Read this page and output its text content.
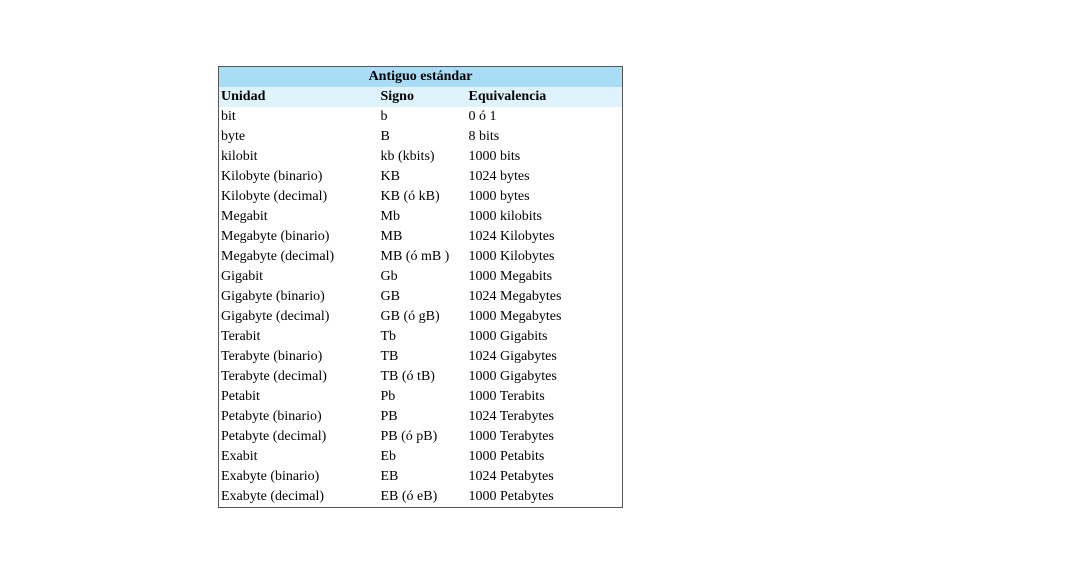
Antiguo estándar		
Unidad	Signo	Equivalencia
bit	b	0 ó 1
byte	B	8 bits
kilobit	kb (kbits)	1000 bits
Kilobyte (binario)	KB	1024 bytes
Kilobyte (decimal)	KB (ó kB)	1000 bytes
Megabit	Mb	1000 kilobits
Megabyte (binario)	MB	1024 Kilobytes
Megabyte (decimal)	MB (ó mB )	1000 Kilobytes
Gigabit	Gb	1000 Megabits
Gigabyte (binario)	GB	1024 Megabytes
Gigabyte (decimal)	GB (ó gB)	1000 Megabytes
Terabit	Tb	1000 Gigabits
Terabyte (binario)	TB	1024 Gigabytes
Terabyte (decimal)	TB (ó tB)	1000 Gigabytes
Petabit	Pb	1000 Terabits
Petabyte (binario)	PB	1024 Terabytes
Petabyte (decimal)	PB (ó pB)	1000 Terabytes
Exabit	Eb	1000 Petabits
Exabyte (binario)	EB	1024 Petabytes
Exabyte (decimal)	EB (ó eB)	1000 Petabytes
